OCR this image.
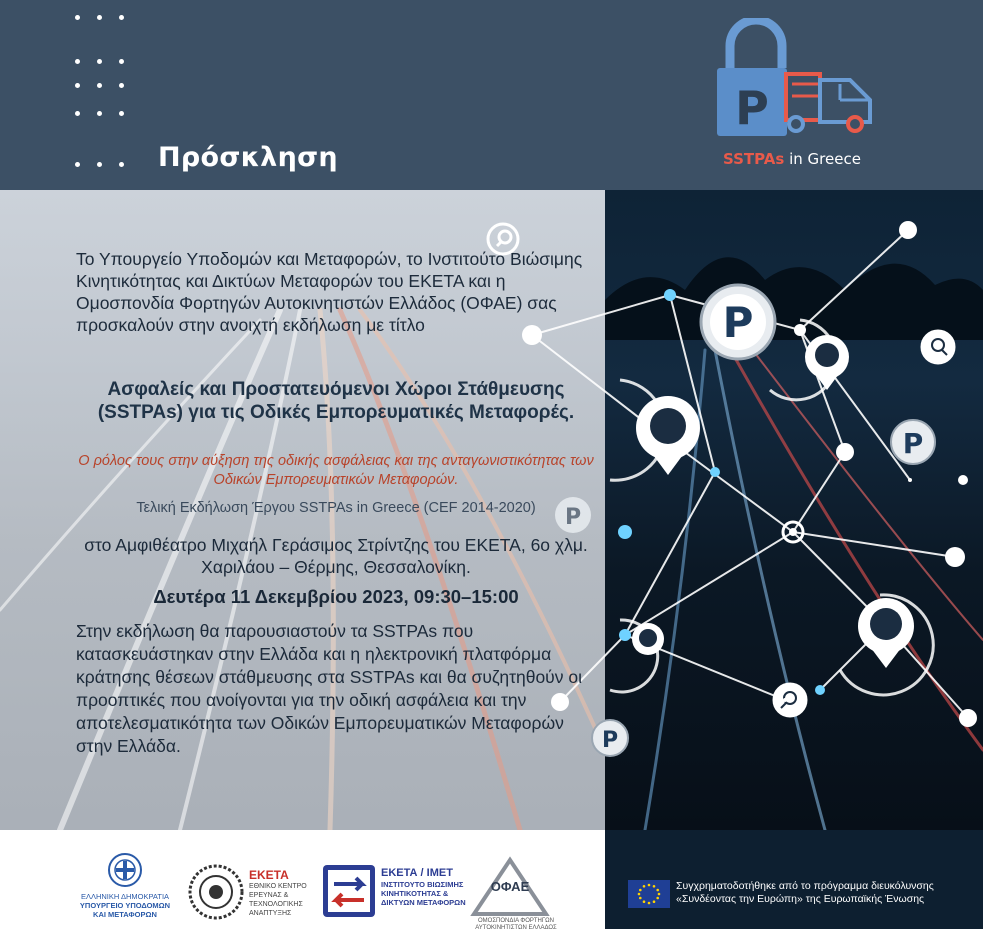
Πρόσκληση
P
SSTPAs in Greece
P
P
P
P

Το Υπουργείο Υποδομών και Μεταφορών, το Ινστιτούτο Βιώσιμης Κινητικότητας και Δικτύων Μεταφορών του ΕΚΕΤΑ και η Ομοσπονδία Φορτηγών Αυτοκινητιστών Ελλάδος (ΟΦΑΕ) σας προσκαλούν στην ανοιχτή εκδήλωση με τίτλο

Ασφαλείς και Προστατευόμενοι Χώροι Στάθμευσης (SSTPAs) για τις Οδικές Εμπορευματικές Μεταφορές.
Ο ρόλος τους στην αύξηση της οδικής ασφάλειας και της ανταγωνιστικότητας των Οδικών Εμπορευματικών Μεταφορών.
Τελική Εκδήλωση Έργου SSTPAs in Greece (CEF 2014-2020)
στο Αμφιθέατρο Μιχαήλ Γεράσιμος Στρίντζης του ΕΚΕΤΑ, 6ο χλμ. Χαριλάου – Θέρμης, Θεσσαλονίκη.
Δευτέρα 11 Δεκεμβρίου 2023, 09:30–15:00
Στην εκδήλωση θα παρουσιαστούν τα SSTPAs που κατασκευάστηκαν στην Ελλάδα και η ηλεκτρονική πλατφόρμα κράτησης θέσεων στάθμευσης στα SSTPAs και θα συζητηθούν οι προοπτικές που ανοίγονται για την οδική ασφάλεια και την αποτελεσματικότητα των Οδικών Εμπορευματικών Μεταφορών στην Ελλάδα.
ΕΛΛΗΝΙΚΗ ΔΗΜΟΚΡΑΤΙΑ
ΥΠΟΥΡΓΕΙΟ ΥΠΟΔΟΜΩΝ
ΚΑΙ ΜΕΤΑΦΟΡΩΝ
ΕΚΕΤΑ
ΕΘΝΙΚΟ ΚΕΝΤΡΟ
ΕΡΕΥΝΑΣ &
ΤΕΧΝΟΛΟΓΙΚΗΣ
ΑΝΑΠΤΥΞΗΣ
ΕΚΕΤΑ / ΙΜΕΤ
ΙΝΣΤΙΤΟΥΤΟ ΒΙΩΣΙΜΗΣ
ΚΙΝΗΤΙΚΟΤΗΤΑΣ &
ΔΙΚΤΥΩΝ ΜΕΤΑΦΟΡΩΝ
ΟΦΑΕ
ΟΜΟΣΠΟΝΔΙΑ ΦΟΡΤΗΓΩΝ
ΑΥΤΟΚΙΝΗΤΙΣΤΩΝ ΕΛΛΑΔΟΣ
Συγχρηματοδοτήθηκε από το πρόγραμμα διευκόλυνσης «Συνδέοντας την Ευρώπη» της Ευρωπαϊκής Ένωσης
